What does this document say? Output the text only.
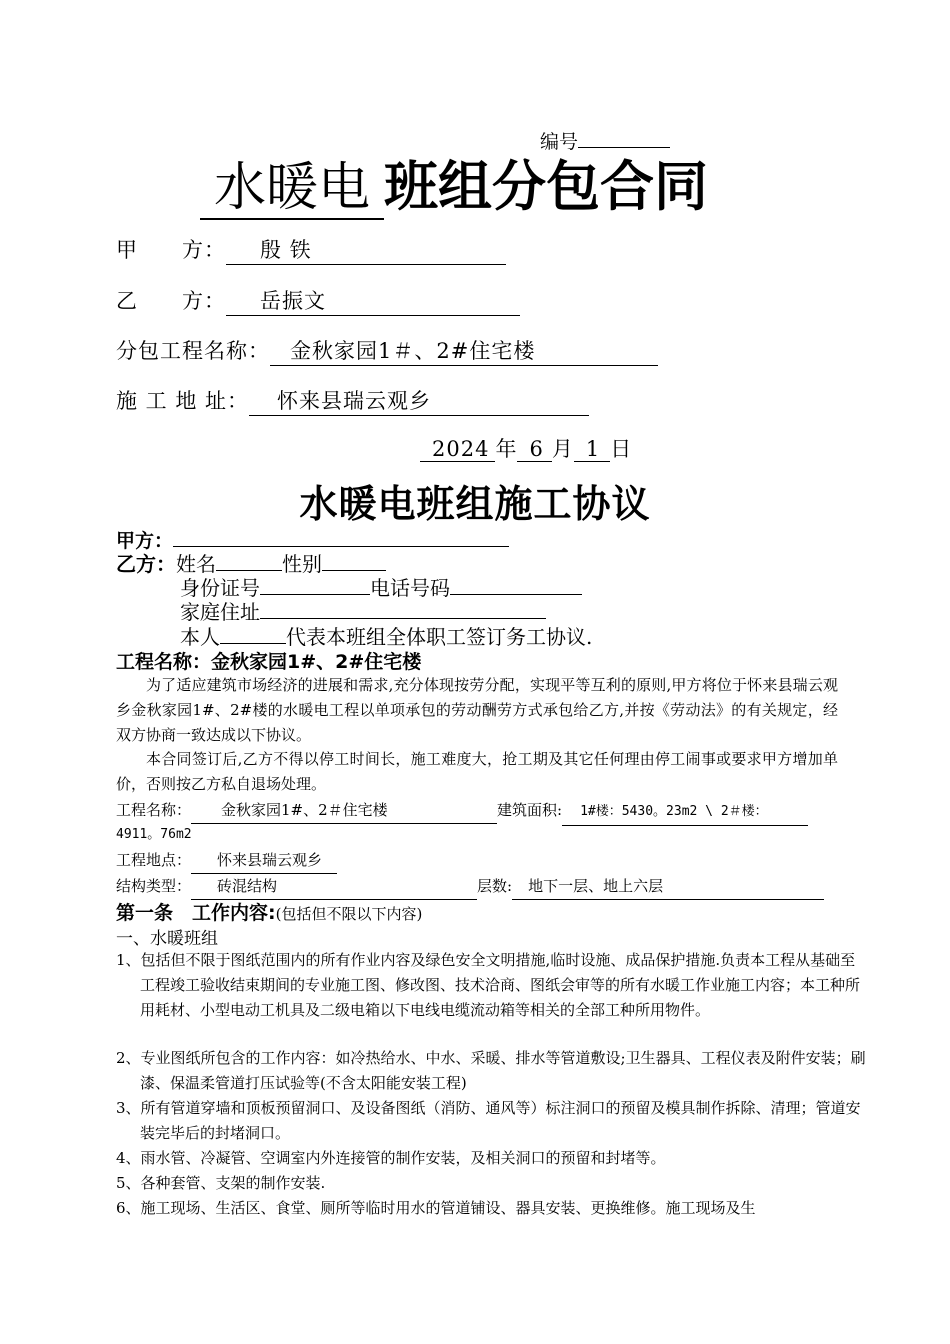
编号
水暖电 班组分包合同
甲　　方： 殷 铁
乙　　方： 岳振文
分包工程名称： 金秋家园1＃、2#住宅楼
施 工 地 址： 怀来县瑞云观乡
2024 年 6 月 1 日
水暖电班组施工协议
甲方：
乙方：姓名	性别
身份证号	电话号码
家庭住址
本人	代表本班组全体职工签订务工协议.
工程名称：金秋家园1#、2#住宅楼
为了适应建筑市场经济的进展和需求,充分体现按劳分配，实现平等互利的原则,甲方将位于怀来县瑞云观乡金秋家园1#、2#楼的水暖电工程以单项承包的劳动酬劳方式承包给乙方,并按《劳动法》的有关规定，经双方协商一致达成以下协议。
本合同签订后,乙方不得以停工时间长，施工难度大，抢工期及其它任何理由停工闹事或要求甲方增加单价，否则按乙方私自退场处理。
工程名称： 金秋家园1#、2＃住宅楼	建筑面积: 1#楼：5430。23m2 \ 2＃楼：
4911。76m2
工程地点： 怀来县瑞云观乡
结构类型： 砖混结构	层数: 地下一层、地上六层
第一条　工作内容:(包括但不限以下内容)
一、水暖班组
1、包括但不限于图纸范围内的所有作业内容及绿色安全文明措施,临时设施、成品保护措施.负责本工程从基础至工程竣工验收结束期间的专业施工图、修改图、技术洽商、图纸会审等的所有水暖工作业施工内容；本工种所用耗材、小型电动工机具及二级电箱以下电线电缆流动箱等相关的全部工种所用物件。
2、专业图纸所包含的工作内容：如冷热给水、中水、采暖、排水等管道敷设;卫生器具、工程仪表及附件安装；刷漆、保温柔管道打压试验等(不含太阳能安装工程)
3、所有管道穿墙和顶板预留洞口、及设备图纸（消防、通风等）标注洞口的预留及模具制作拆除、清理；管道安装完毕后的封堵洞口。
4、雨水管、冷凝管、空调室内外连接管的制作安装，及相关洞口的预留和封堵等。
5、各种套管、支架的制作安装.
6、施工现场、生活区、食堂、厕所等临时用水的管道铺设、器具安装、更换维修。施工现场及生
